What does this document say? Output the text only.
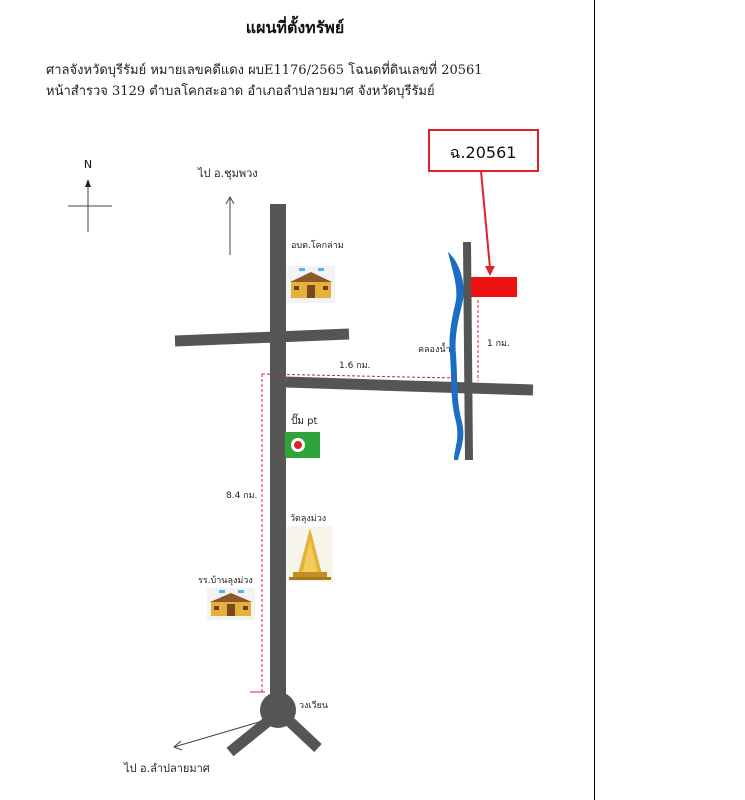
แผนที่ตั้งทรัพย์
ศาลจังหวัดบุรีรัมย์ หมายเลขคดีแดง ผบE1176/2565 โฉนดที่ดินเลขที่ 20561
หน้าสำรวจ 3129 ตำบลโคกสะอาด อำเภอลำปลายมาศ จังหวัดบุรีรัมย์
N
ไป อ.ชุมพวง
คลองน้ำ
ฉ.20561
1.6 กม.
1 กม.
8.4 กม.
อบต.โคกล่าม
ปั๊ม pt
วัดลุงม่วง
รร.บ้านลุงม่วง
วงเวียน
ไป อ.ลำปลายมาศ
